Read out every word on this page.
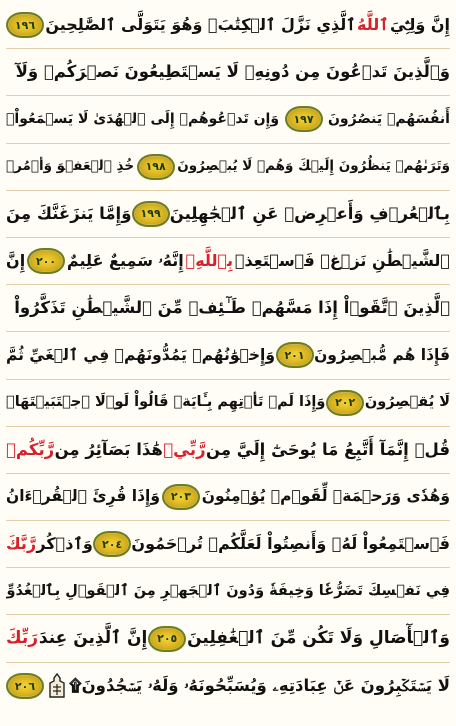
إِنَّ وَلِـِّۧيَ
ٱللَّهُ
ٱلَّذِي نَزَّلَ ٱلۡكِتَٰبَۖ وَهُوَ يَتَوَلَّى ٱلصَّٰلِحِينَ
١٩٦
وَٱلَّذِينَ تَدۡعُونَ مِن دُونِهِۦ لَا يَسۡتَطِيعُونَ نَصۡرَكُمۡ وَلَآ
أَنفُسَهُمۡ يَنصُرُونَ
١٩٧
وَإِن تَدۡعُوهُمۡ إِلَى ٱلۡهُدَىٰ لَا يَسۡمَعُواْۖ
وَتَرَىٰهُمۡ يَنظُرُونَ إِلَيۡكَ وَهُمۡ لَا يُبۡصِرُونَ
١٩٨
خُذِ ٱلۡعَفۡوَ وَأۡمُرۡ
بِٱلۡعُرۡفِ وَأَعۡرِضۡ عَنِ ٱلۡجَٰهِلِينَ
١٩٩
وَإِمَّا يَنزَغَنَّكَ مِنَ
ٱلشَّيۡطَٰنِ نَزۡغٞ فَٱسۡتَعِذۡ
بِٱللَّهِۚ
إِنَّهُۥ سَمِيعٌ عَلِيمٌ
٢٠٠
إِنَّ
ٱلَّذِينَ ٱتَّقَوۡاْ إِذَا مَسَّهُمۡ طَـٰٓئِفٞ مِّنَ ٱلشَّيۡطَٰنِ تَذَكَّرُواْ
فَإِذَا هُم مُّبۡصِرُونَ
٢٠١
وَإِخۡوَٰنُهُمۡ يَمُدُّونَهُمۡ فِي ٱلۡغَيِّ ثُمَّ
لَا يُقۡصِرُونَ
٢٠٢
وَإِذَا لَمۡ تَأۡتِهِم بِـَٔايَةٖ قَالُواْ لَوۡلَا ٱجۡتَبَيۡتَهَاۚ
قُلۡ إِنَّمَآ أَتَّبِعُ مَا يُوحَىٰٓ إِلَيَّ مِن
رَّبِّيۚ
هَٰذَا بَصَآئِرُ مِن
رَّبِّكُمۡ
وَهُدٗى وَرَحۡمَةٞ لِّقَوۡمٖ يُؤۡمِنُونَ
٢٠٣
وَإِذَا قُرِئَ ٱلۡقُرۡءَانُ
فَٱسۡتَمِعُواْ لَهُۥ وَأَنصِتُواْ لَعَلَّكُمۡ تُرۡحَمُونَ
٢٠٤
وَٱذۡكُر
رَّبَّكَ
فِي نَفۡسِكَ تَضَرُّعٗا وَخِيفَةٗ وَدُونَ ٱلۡجَهۡرِ مِنَ ٱلۡقَوۡلِ بِٱلۡغُدُوِّ
وَٱلۡأٓصَالِ وَلَا تَكُن مِّنَ ٱلۡغَٰفِلِينَ
٢٠٥
إِنَّ ٱلَّذِينَ عِندَ
رَبِّكَ
لَا يَسۡتَكۡبِرُونَ عَنۡ عِبَادَتِهِۦ وَيُسَبِّحُونَهُۥ وَلَهُۥ يَسۡجُدُونَ۩
٢٠٦
